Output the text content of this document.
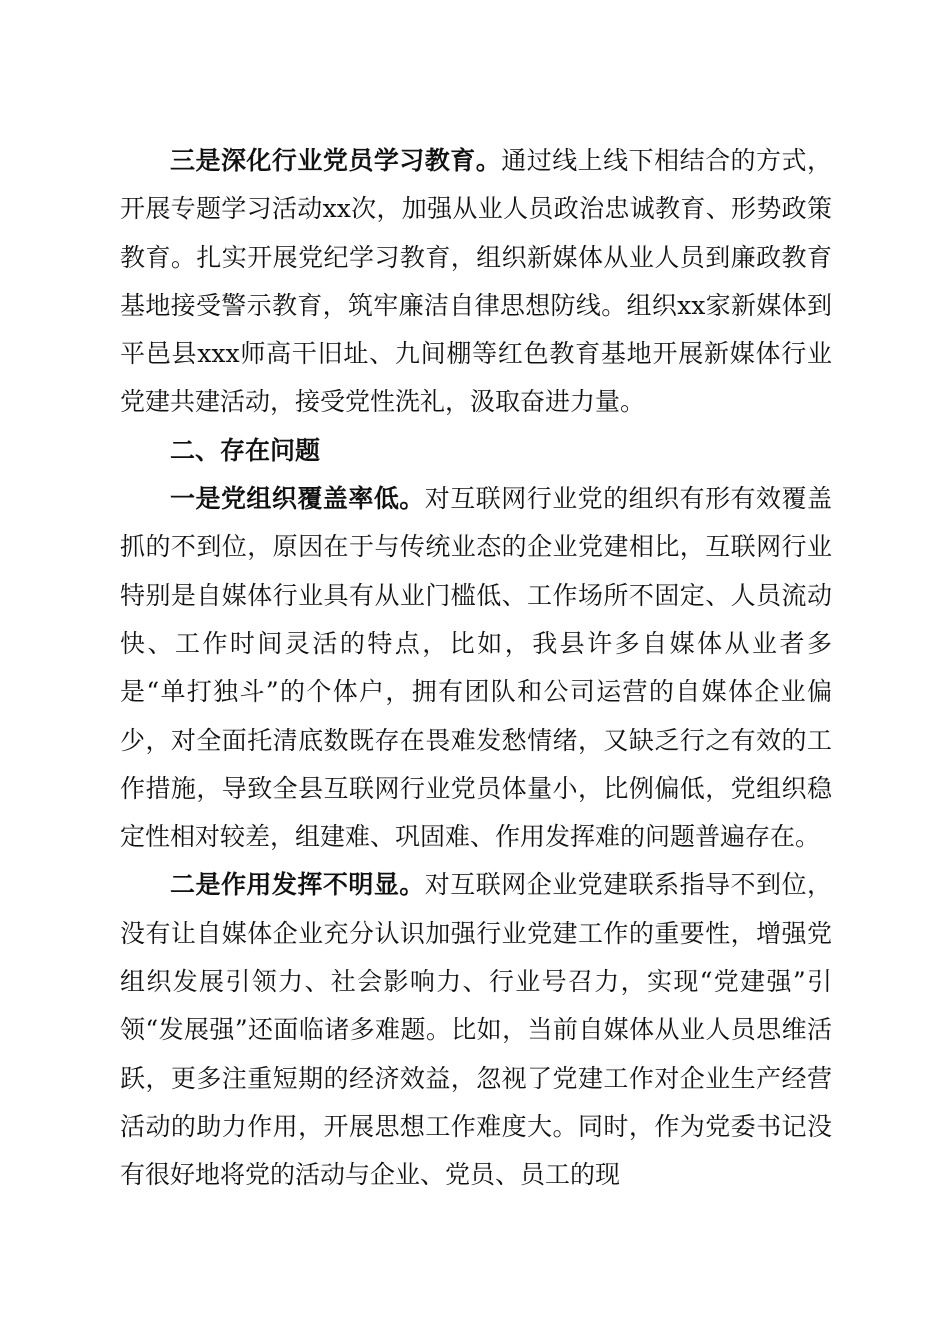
三是深化行业党员学习教育。通过线上线下相结合的方式，开展专题学习活动xx次，加强从业人员政治忠诚教育、形势政策教育。扎实开展党纪学习教育，组织新媒体从业人员到廉政教育基地接受警示教育，筑牢廉洁自律思想防线。组织xx家新媒体到平邑县xxx师高干旧址、九间棚等红色教育基地开展新媒体行业党建共建活动，接受党性洗礼，汲取奋进力量。

二、存在问题

一是党组织覆盖率低。对互联网行业党的组织有形有效覆盖抓的不到位，原因在于与传统业态的企业党建相比，互联网行业特别是自媒体行业具有从业门槛低、工作场所不固定、人员流动快、工作时间灵活的特点，比如，我县许多自媒体从业者多是“单打独斗”的个体户，拥有团队和公司运营的自媒体企业偏少，对全面托清底数既存在畏难发愁情绪，又缺乏行之有效的工作措施，导致全县互联网行业党员体量小，比例偏低，党组织稳定性相对较差，组建难、巩固难、作用发挥难的问题普遍存在。

二是作用发挥不明显。对互联网企业党建联系指导不到位，没有让自媒体企业充分认识加强行业党建工作的重要性，增强党组织发展引领力、社会影响力、行业号召力，实现“党建强”引领“发展强”还面临诸多难题。比如，当前自媒体从业人员思维活跃，更多注重短期的经济效益，忽视了党建工作对企业生产经营活动的助力作用，开展思想工作难度大。同时，作为党委书记没有很好地将党的活动与企业、党员、员工的现
